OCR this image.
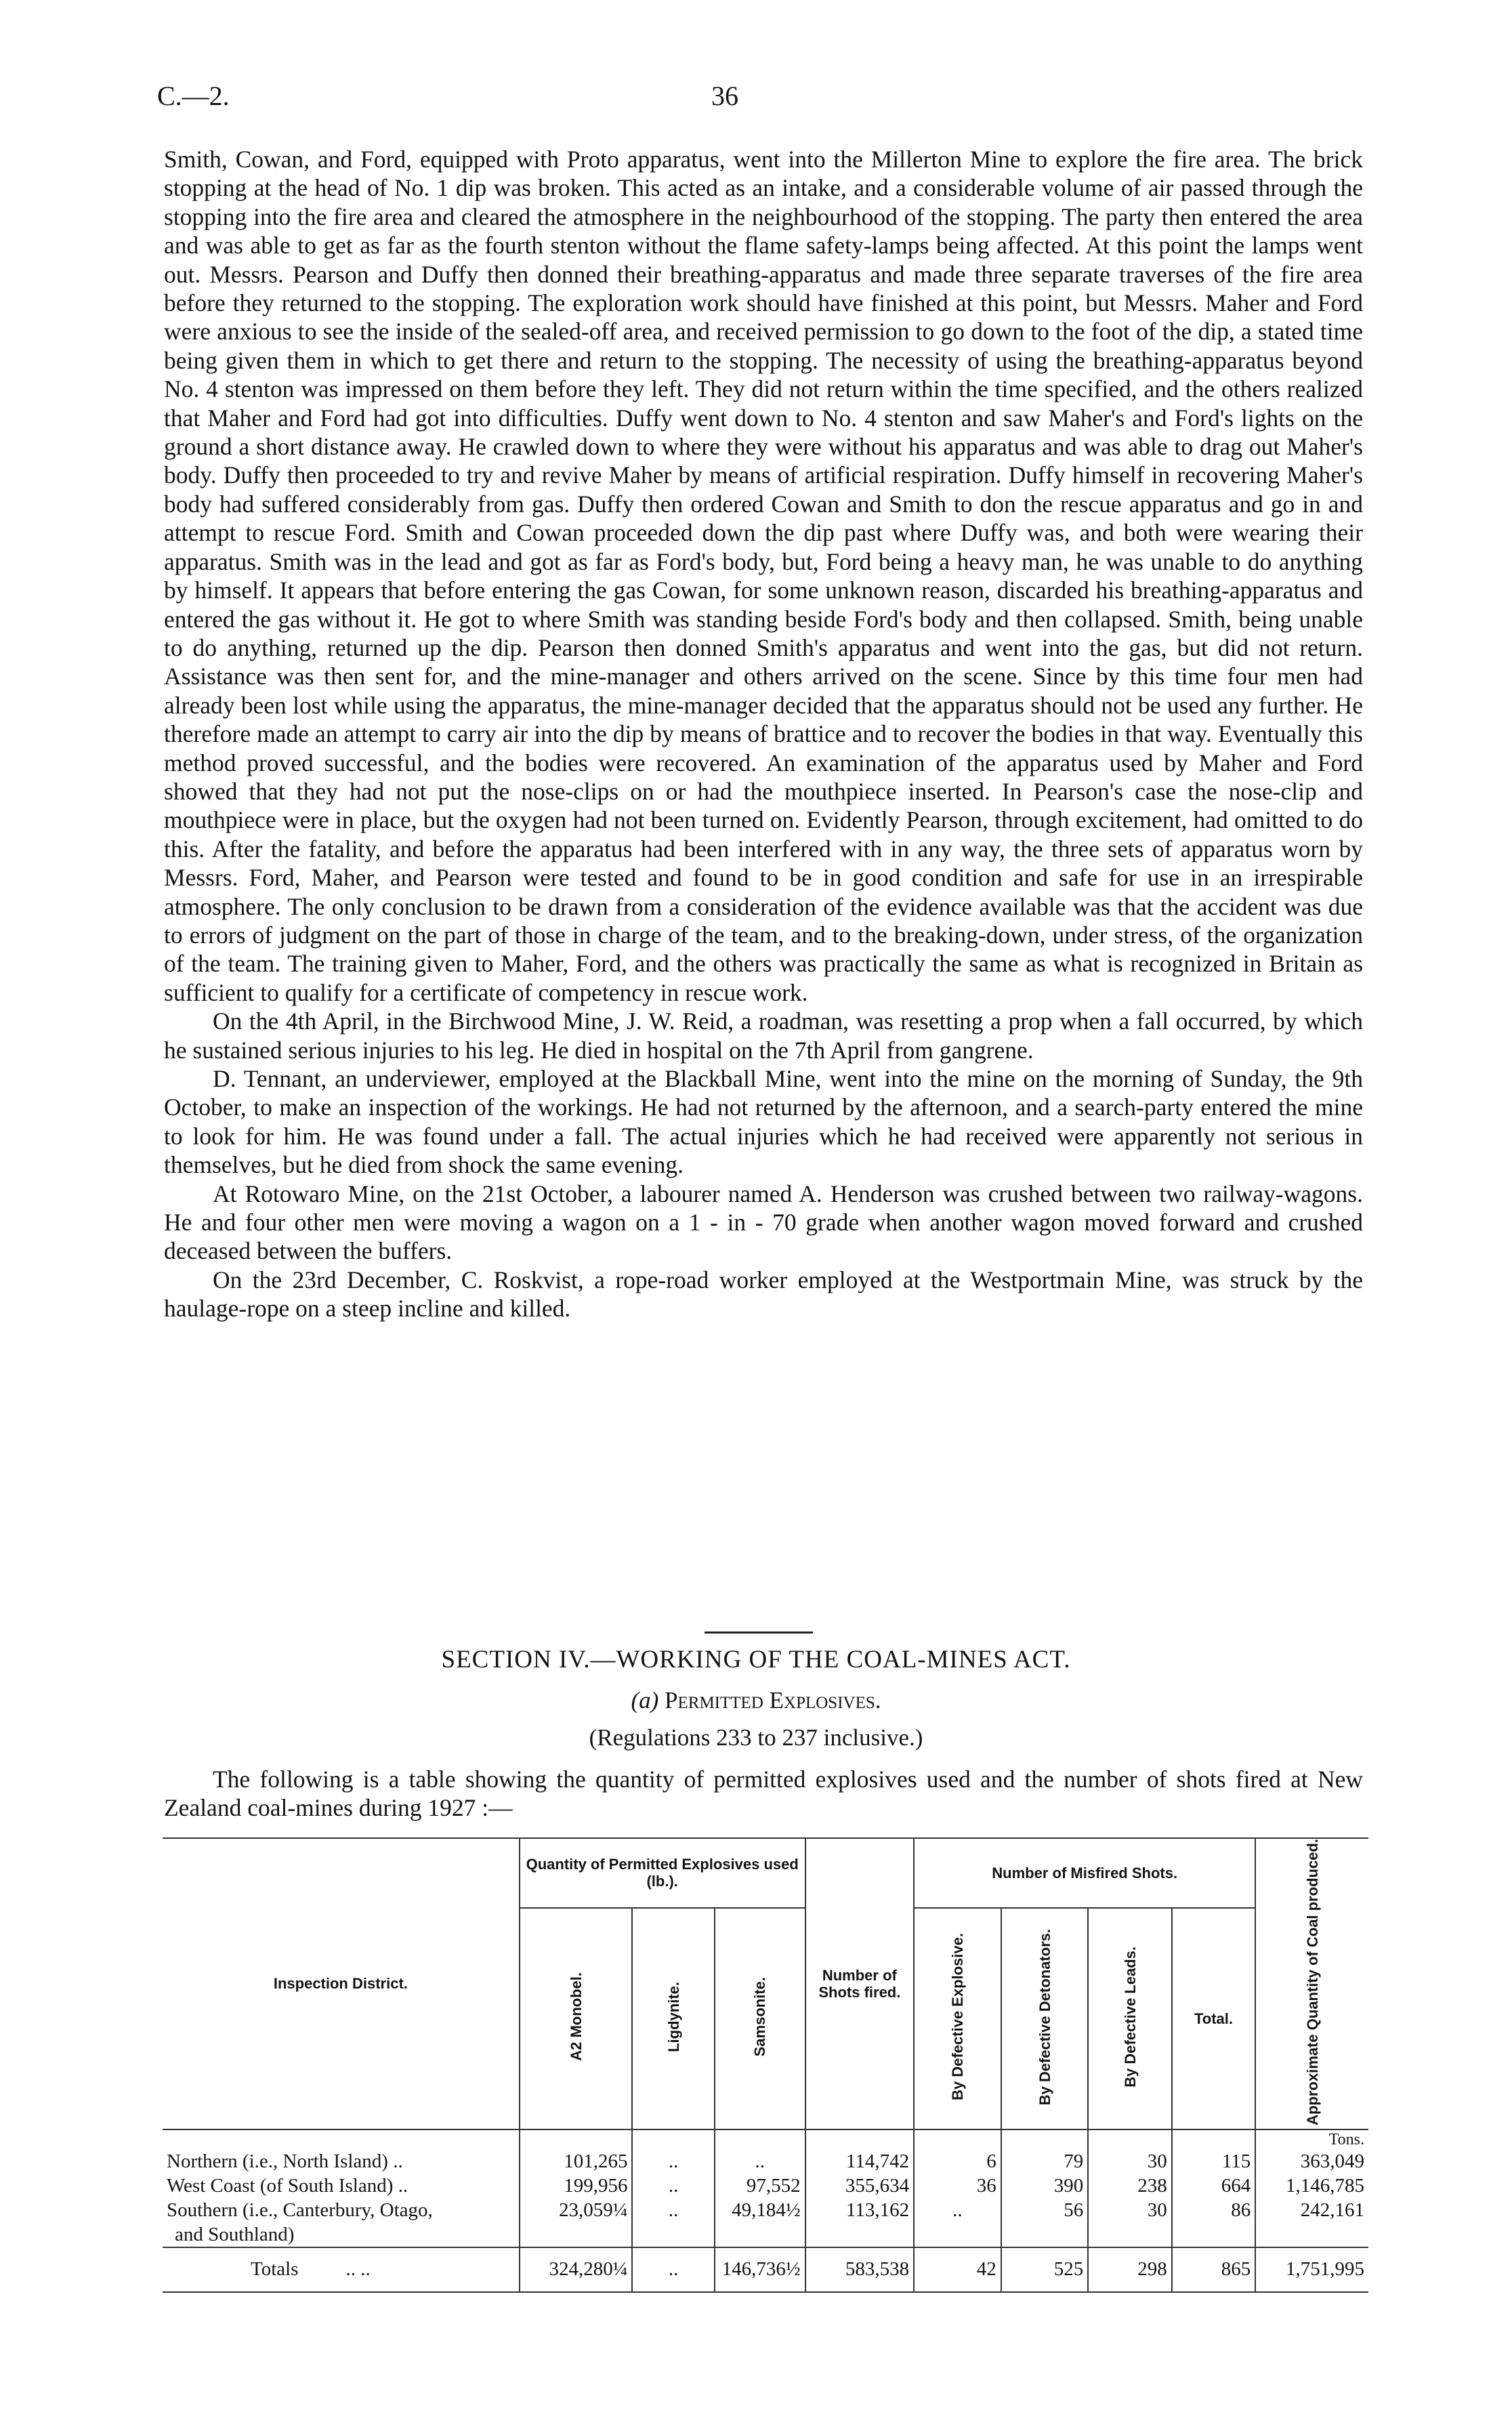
C.—2.	36

Smith, Cowan, and Ford, equipped with Proto apparatus, went into the Millerton Mine to explore the fire area. The brick stopping at the head of No. 1 dip was broken. This acted as an intake, and a considerable volume of air passed through the stopping into the fire area and cleared the atmosphere in the neighbourhood of the stopping. The party then entered the area and was able to get as far as the fourth stenton without the flame safety-lamps being affected. At this point the lamps went out. Messrs. Pearson and Duffy then donned their breathing-apparatus and made three separate traverses of the fire area before they returned to the stopping. The exploration work should have finished at this point, but Messrs. Maher and Ford were anxious to see the inside of the sealed-off area, and received permission to go down to the foot of the dip, a stated time being given them in which to get there and return to the stopping. The necessity of using the breathing-apparatus beyond No. 4 stenton was impressed on them before they left. They did not return within the time specified, and the others realized that Maher and Ford had got into difficulties. Duffy went down to No. 4 stenton and saw Maher's and Ford's lights on the ground a short distance away. He crawled down to where they were without his apparatus and was able to drag out Maher's body. Duffy then proceeded to try and revive Maher by means of artificial respiration. Duffy himself in recovering Maher's body had suffered considerably from gas. Duffy then ordered Cowan and Smith to don the rescue apparatus and go in and attempt to rescue Ford. Smith and Cowan proceeded down the dip past where Duffy was, and both were wearing their apparatus. Smith was in the lead and got as far as Ford's body, but, Ford being a heavy man, he was unable to do anything by himself. It appears that before entering the gas Cowan, for some unknown reason, discarded his breathing-apparatus and entered the gas without it. He got to where Smith was standing beside Ford's body and then collapsed. Smith, being unable to do anything, returned up the dip. Pearson then donned Smith's apparatus and went into the gas, but did not return. Assistance was then sent for, and the mine-manager and others arrived on the scene. Since by this time four men had already been lost while using the apparatus, the mine-manager decided that the apparatus should not be used any further. He therefore made an attempt to carry air into the dip by means of brattice and to recover the bodies in that way. Eventually this method proved successful, and the bodies were recovered. An examination of the apparatus used by Maher and Ford showed that they had not put the nose-clips on or had the mouthpiece inserted. In Pearson's case the nose-clip and mouthpiece were in place, but the oxygen had not been turned on. Evidently Pearson, through excitement, had omitted to do this. After the fatality, and before the apparatus had been interfered with in any way, the three sets of apparatus worn by Messrs. Ford, Maher, and Pearson were tested and found to be in good condition and safe for use in an irrespirable atmosphere. The only conclusion to be drawn from a consideration of the evidence available was that the accident was due to errors of judgment on the part of those in charge of the team, and to the breaking-down, under stress, of the organization of the team. The training given to Maher, Ford, and the others was practically the same as what is recognized in Britain as sufficient to qualify for a certificate of competency in rescue work.

On the 4th April, in the Birchwood Mine, J. W. Reid, a roadman, was resetting a prop when a fall occurred, by which he sustained serious injuries to his leg. He died in hospital on the 7th April from gangrene.

D. Tennant, an underviewer, employed at the Blackball Mine, went into the mine on the morning of Sunday, the 9th October, to make an inspection of the workings. He had not returned by the afternoon, and a search-party entered the mine to look for him. He was found under a fall. The actual injuries which he had received were apparently not serious in themselves, but he died from shock the same evening.

At Rotowaro Mine, on the 21st October, a labourer named A. Henderson was crushed between two railway-wagons. He and four other men were moving a wagon on a 1 - in - 70 grade when another wagon moved forward and crushed deceased between the buffers.

On the 23rd December, C. Roskvist, a rope-road worker employed at the Westportmain Mine, was struck by the haulage-rope on a steep incline and killed.

SECTION IV.—WORKING OF THE COAL-MINES ACT.
(a) Permitted Explosives.
(Regulations 233 to 237 inclusive.)
The following is a table showing the quantity of permitted explosives used and the number of shots fired at New Zealand coal-mines during 1927 :—
Inspection District.	Quantity of Permitted Explosives used (lb.).			Number of Shots fired.	Number of Misfired Shots.				Approximate Quantity of Coal produced.
	A2 Monobel.	Ligdynite.	Samsonite.		By Defective Explosive.	By Defective Detonators.	By Defective Leads.	Total.	
									Tons.
Northern (i.e., North Island) ..	101,265	..	..	114,742	6	79	30	115	363,049
West Coast (of South Island) ..	199,956	..	97,552	355,634	36	390	238	664	1,146,785
Southern (i.e., Canterbury, Otago,	23,059¼	..	49,184½	113,162	..	56	30	86	242,161
and Southland)									
Totals .. ..	324,280¼	..	146,736½	583,538	42	525	298	865	1,751,995
